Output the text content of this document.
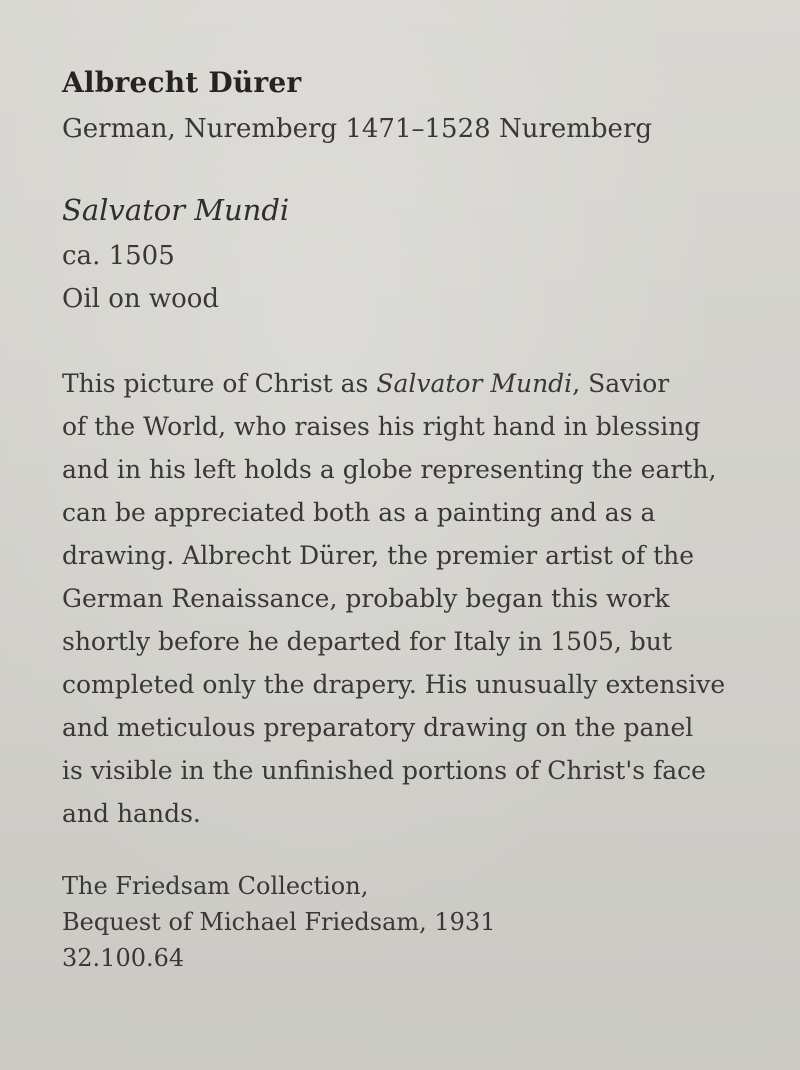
Albrecht Dürer
German, Nuremberg 1471–1528 Nuremberg
Salvator Mundi
ca. 1505
Oil on wood
This picture of Christ as Salvator Mundi, Savior
of the World, who raises his right hand in blessing
and in his left holds a globe representing the earth,
can be appreciated both as a painting and as a
drawing. Albrecht Dürer, the premier artist of the
German Renaissance, probably began this work
shortly before he departed for Italy in 1505, but
completed only the drapery. His unusually extensive
and meticulous preparatory drawing on the panel
is visible in the unfinished portions of Christ's face
and hands.
The Friedsam Collection,
Bequest of Michael Friedsam, 1931
32.100.64
